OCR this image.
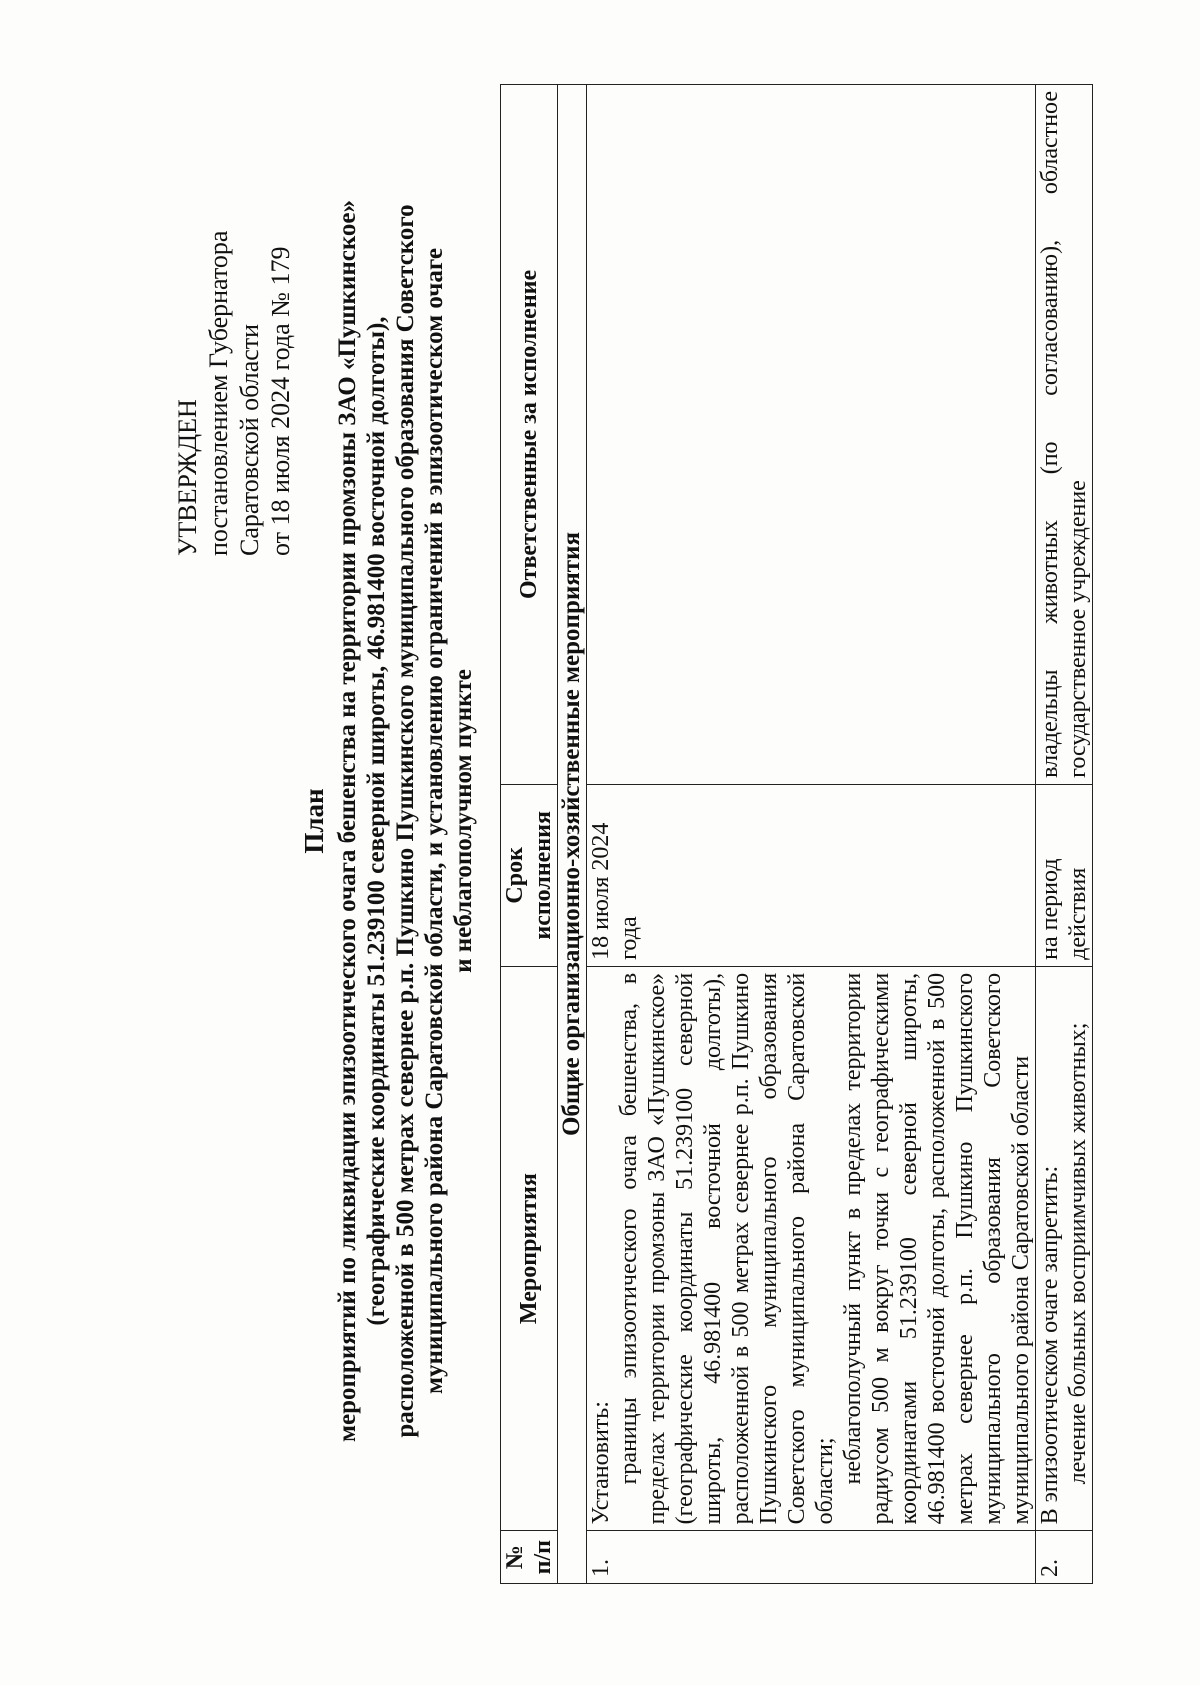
УТВЕРЖДЕН постановлением Губернатора Саратовской области от 18 июля 2024 года № 179
План мероприятий по ликвидации эпизоотического очага бешенства на территории промзоны ЗАО «Пушкинское» (географические координаты 51.239100 северной широты, 46.981400 восточной долготы), расположенной в 500 метрах севернее р.п. Пушкино Пушкинского муниципального образования Советского муниципального района Саратовской области, и установлению ограничений в эпизоотическом очаге и неблагополучном пункте
№ п/п	Мероприятия	Срок исполнения	Ответственные за исполнение
Общие организационно-хозяйственные мероприятия			
1.	Установить: границы эпизоотического очага бешенства, в пределах территории промзоны ЗАО «Пушкинское» (географические координаты 51.239100 северной широты, 46.981400 восточной долготы), расположенной в 500 метрах севернее р.п. Пушкино Пушкинского муниципального образования Советского муниципального района Саратовской области; неблагополучный пункт в пределах территории радиусом 500 м вокруг точки с географическими координатами 51.239100 северной широты, 46.981400 восточной долготы, расположенной в 500 метрах севернее р.п. Пушкино Пушкинского муниципального образования Советского муниципального района Саратовской области	18 июля 2024 года	
2.	В эпизоотическом очаге запретить: лечение больных восприимчивых животных;	на период действия	владельцы животных (по согласованию), областное государственное учреждение
